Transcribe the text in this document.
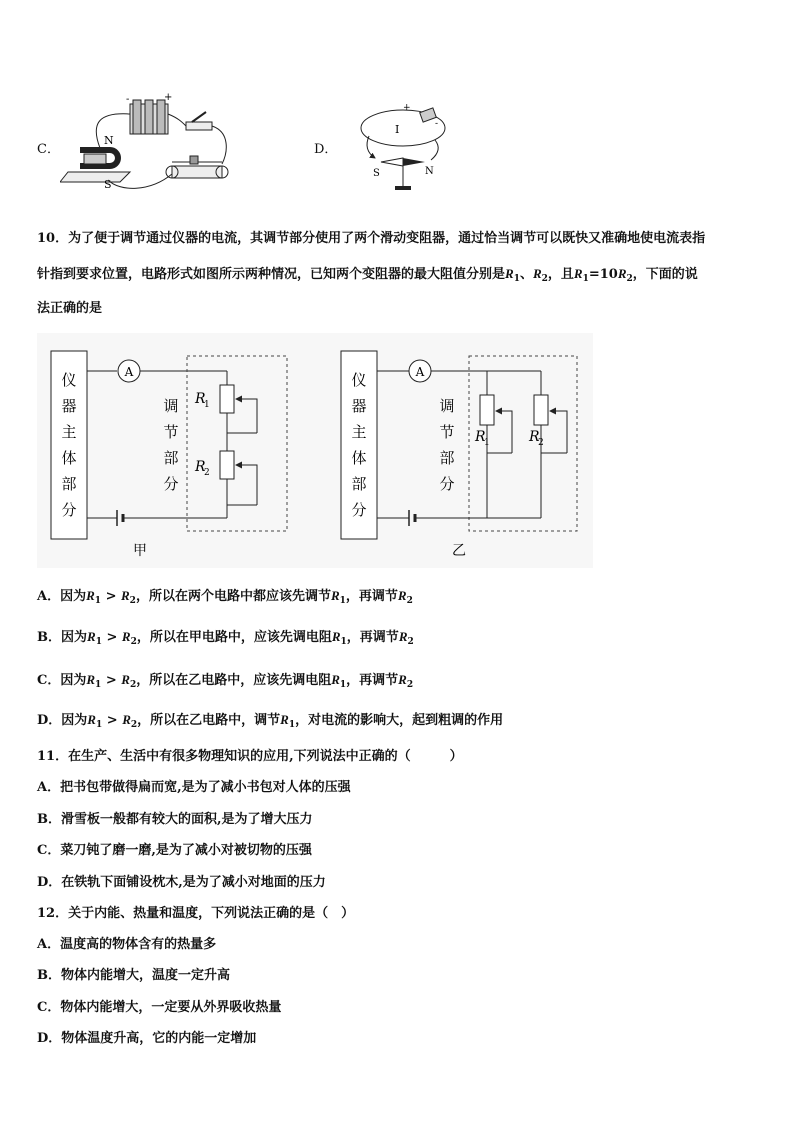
C．
-	+
N
S
D．
+
-
I
S	N
10．为了便于调节通过仪器的电流，其调节部分使用了两个滑动变阻器，通过恰当调节可以既快又准确地使电流表指
针指到要求位置，电路形式如图所示两种情况，已知两个变阻器的最大阻值分别是$R_1$、$R_2$，且$R_1=10R_2$，下面的说
法正确的是
仪
器
主
体
部
分
A
调
节
部
分
R
1
R
2
甲
仪
器
主
体
部
分
A
调
节
部
分
R
1	R
2
乙
A．因为$R_1 > R_2$，所以在两个电路中都应该先调节$R_1$，再调节$R_2$
B．因为$R_1 > R_2$，所以在甲电路中，应该先调电阻$R_1$，再调节$R_2$
C．因为$R_1 > R_2$，所以在乙电路中，应该先调电阻$R_1$，再调节$R_2$
D．因为$R_1 > R_2$，所以在乙电路中，调节$R_1$，对电流的影响大，起到粗调的作用
11．在生产、生活中有很多物理知识的应用,下列说法中正确的（　　　）
A．把书包带做得扁而宽,是为了减小书包对人体的压强
B．滑雪板一般都有较大的面积,是为了增大压力
C．菜刀钝了磨一磨,是为了减小对被切物的压强
D．在铁轨下面铺设枕木,是为了减小对地面的压力
12．关于内能、热量和温度，下列说法正确的是（　）
A．温度高的物体含有的热量多
B．物体内能增大，温度一定升高
C．物体内能增大，一定要从外界吸收热量
D．物体温度升高，它的内能一定增加
